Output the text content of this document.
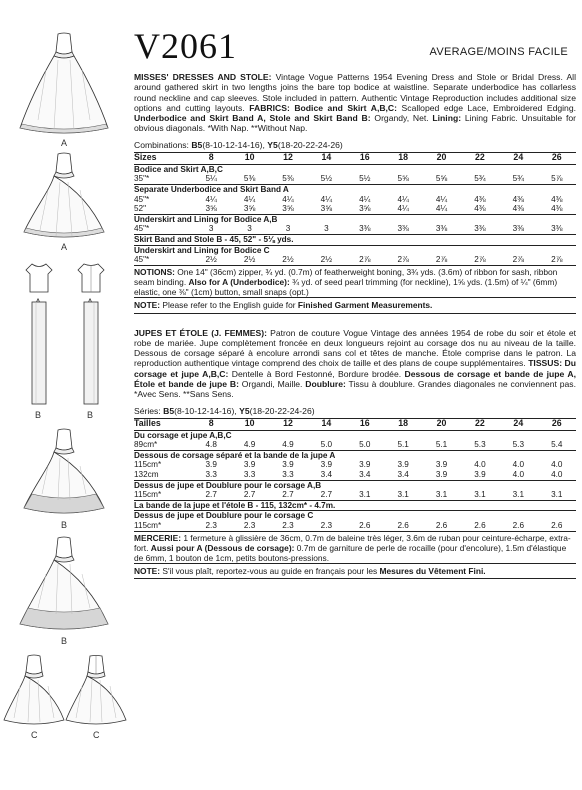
A
A
B	B
B
B
C	C
V2061	AVERAGE/MOINS FACILE

MISSES' DRESSES AND STOLE: Vintage Vogue Patterns 1954 Evening Dress and Stole or Bridal Dress. All around gathered skirt in two lengths joins the bare top bodice at waistline. Separate underbodice has collarless round neckline and cap sleeves. Stole included in pattern. Authentic Vintage Reproduction includes additional size options and cutting layouts. FABRICS: Bodice and Skirt A,B,C: Scalloped edge Lace, Embroidered Edging. Underbodice and Skirt Band A, Stole and Skirt Band B: Organdy, Net. Lining: Lining Fabric. Unsuitable for obvious diagonals. *With Nap. **Without Nap.

Combinations: B5(8-10-12-14-16), Y5(18-20-22-24-26)
Sizes	8	10	12	14	16	18	20	22	24	26
Bodice and Skirt A,B,C										
35"*	5¼	5⅜	5⅜	5½	5½	5⅝	5⅝	5¾	5¾	5⅞
Separate Underbodice and Skirt Band A										
45"*	4¼	4¼	4¼	4¼	4¼	4¼	4¼	4⅜	4⅜	4⅜
52"	3⅝	3⅝	3⅝	3⅝	3⅝	4¼	4¼	4⅜	4⅜	4⅜
Underskirt and Lining for Bodice A,B										
45"*	3	3	3	3	3⅜	3⅜	3⅜	3⅜	3⅜	3⅜
Skirt Band and Stole B - 45, 52" - 5⅛ yds.										
Underskirt and Lining for Bodice C										
45"*	2½	2½	2½	2½	2⅞	2⅞	2⅞	2⅞	2⅞	2⅞

NOTIONS: One 14" (36cm) zipper, ¾ yd. (0.7m) of featherweight boning, 3¾ yds. (3.6m) of ribbon for sash, ribbon seam binding. Also for A (Underbodice): ¾ yd. of seed pearl trimming (for neckline), 1⅝ yds. (1.5m) of ¼" (6mm) elastic, one ⅜" (1cm) button, small snaps (opt.)

NOTE: Please refer to the English guide for Finished Garment Measurements.

JUPES ET ÉTOLE (J. FEMMES): Patron de couture Vogue Vintage des années 1954 de robe du soir et étole et robe de mariée. Jupe complètement froncée en deux longueurs rejoint au corsage dos nu au niveau de la taille. Dessous de corsage séparé à encolure arrondi sans col et têtes de manche. Étole comprise dans le patron. La reproduction authentique vintage comprend des choix de taille et des plans de coupe supplémentaires. TISSUS: Du corsage et jupe A,B,C: Dentelle à Bord Festonné, Bordure brodée. Dessous de corsage et bande de jupe A, Étole et bande de jupe B: Organdi, Maille. Doublure: Tissu à doublure. Grandes diagonales ne conviennent pas. *Avec Sens. **Sans Sens.

Séries: B5(8-10-12-14-16), Y5(18-20-22-24-26)
Tailles	8	10	12	14	16	18	20	22	24	26
Du corsage et jupe A,B,C										
89cm*	4.8	4.9	4.9	5.0	5.0	5.1	5.1	5.3	5.3	5.4
Dessous de corsage séparé et la bande de la jupe A										
115cm*	3.9	3.9	3.9	3.9	3.9	3.9	3.9	4.0	4.0	4.0
132cm	3.3	3.3	3.3	3.4	3.4	3.4	3.9	3.9	4.0	4.0
Dessus de jupe et Doublure pour le corsage A,B										
115cm*	2.7	2.7	2.7	2.7	3.1	3.1	3.1	3.1	3.1	3.1
La bande de la jupe et l'étole B - 115, 132cm* - 4.7m.										
Dessus de jupe et Doublure pour le corsage C										
115cm*	2.3	2.3	2.3	2.3	2.6	2.6	2.6	2.6	2.6	2.6

MERCERIE: 1 fermeture à glissière de 36cm, 0.7m de baleine très léger, 3.6m de ruban pour ceinture-écharpe, extra-fort. Aussi pour A (Dessous de corsage): 0.7m de garniture de perle de rocaille (pour d'encolure), 1.5m d'élastique de 6mm, 1 bouton de 1cm, petits boutons-pressions.

NOTE: S'il vous plaît, reportez-vous au guide en français pour les Mesures du Vêtement Fini.
